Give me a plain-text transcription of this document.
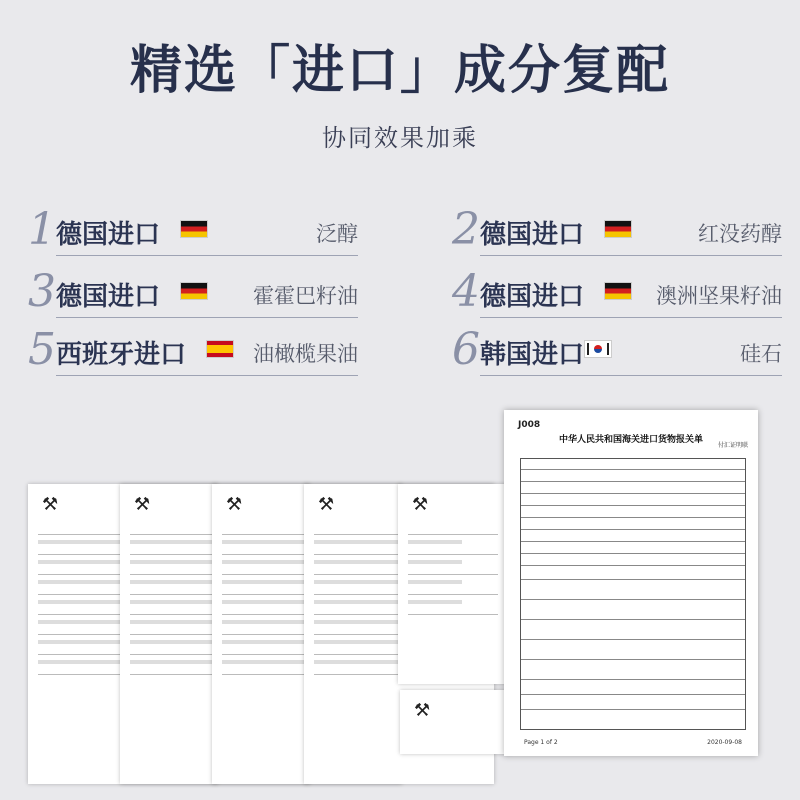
精选「进口」成分复配
协同效果加乘
1 德国进口	泛醇 2 德国进口	红没药醇
3 德国进口	霍霍巴籽油 4 德国进口	澳洲坚果籽油
5 西班牙进口	油橄榄果油 6 韩国进口	硅石
⚒	⚒	⚒	⚒	⚒
⚒
J008
中华人民共和国海关进口货物报关单
付汇证明联
Page 1 of 2	2020-09-08
